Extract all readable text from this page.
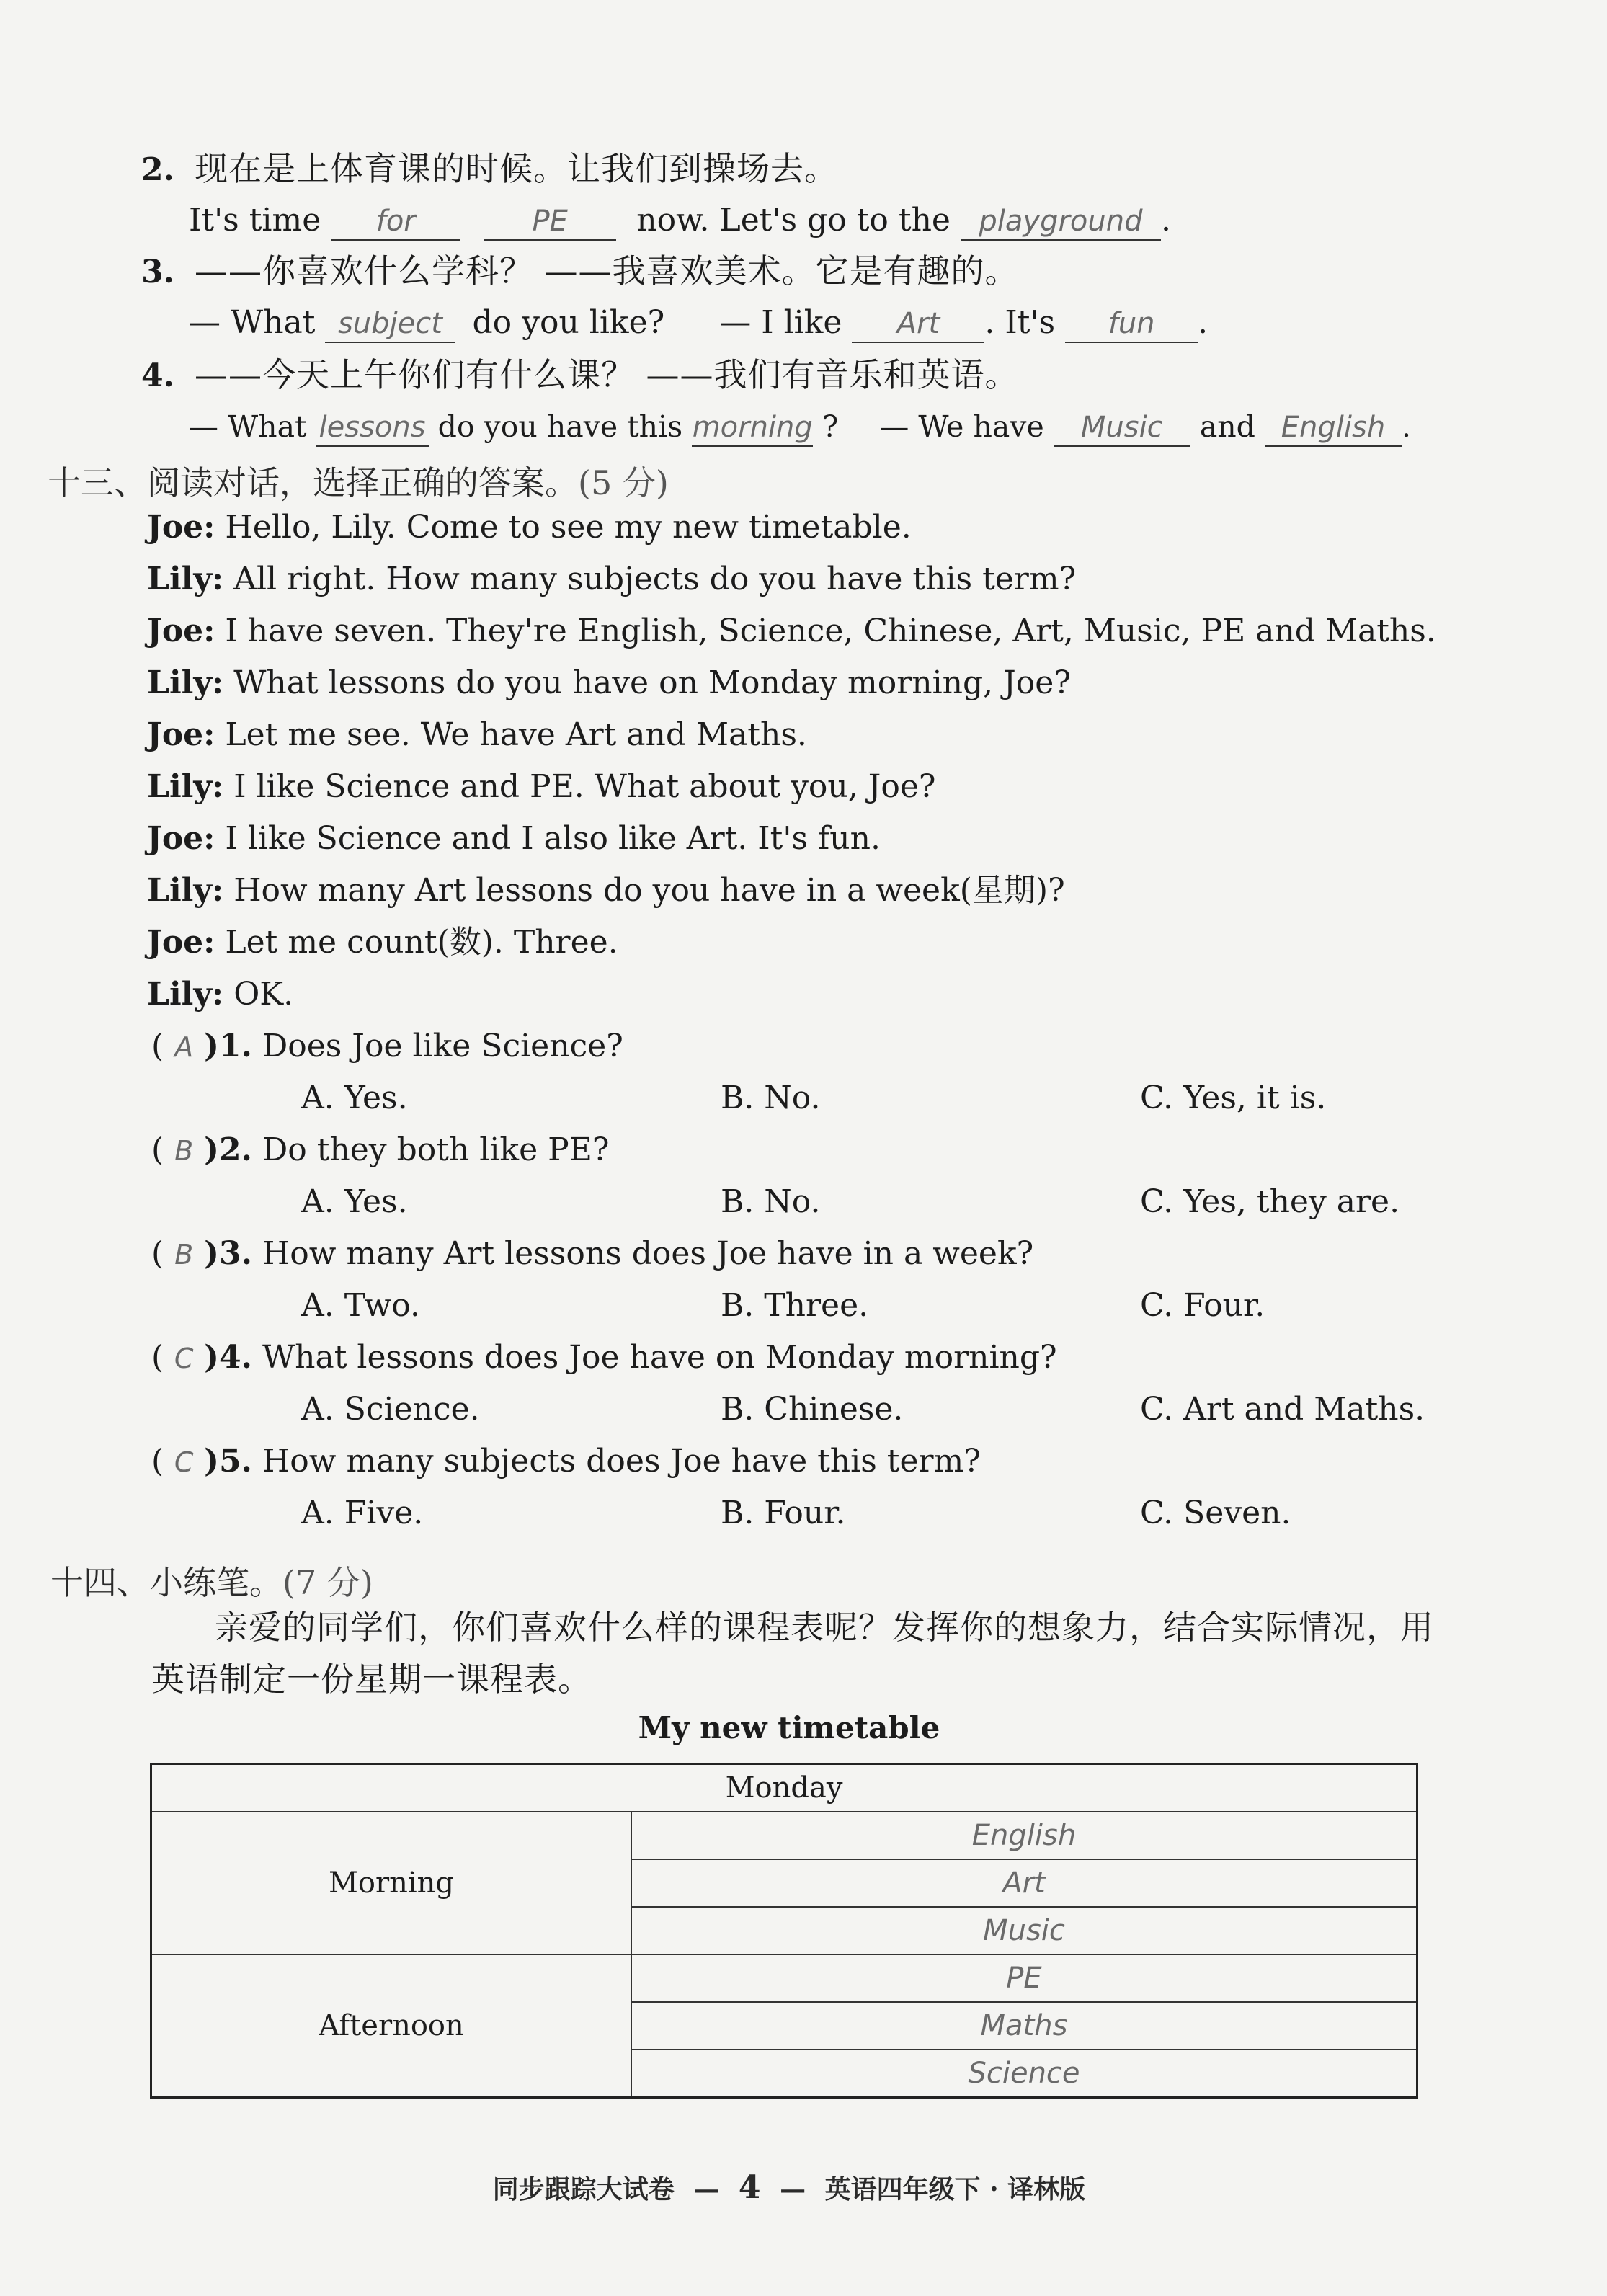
2. 现在是上体育课的时候。让我们到操场去。
It's time for	PE now. Let's go to the playground .
3. ——你喜欢什么学科？ ——我喜欢美术。它是有趣的。
— What subject do you like? — I like Art . It's fun .
4. ——今天上午你们有什么课？ ——我们有音乐和英语。
— What lessons do you have this morning ? — We have Music and English .
十三、阅读对话，选择正确的答案。(5 分)
Joe: Hello, Lily. Come to see my new timetable.
Lily: All right. How many subjects do you have this term?
Joe: I have seven. They're English, Science, Chinese, Art, Music, PE and Maths.
Lily: What lessons do you have on Monday morning, Joe?
Joe: Let me see. We have Art and Maths.
Lily: I like Science and PE. What about you, Joe?
Joe: I like Science and I also like Art. It's fun.
Lily: How many Art lessons do you have in a week(星期)?
Joe: Let me count(数). Three.
Lily: OK.
( A )1. Does Joe like Science?
A. Yes.	B. No.	C. Yes, it is.
( B )2. Do they both like PE?
A. Yes.	B. No.	C. Yes, they are.
( B )3. How many Art lessons does Joe have in a week?
A. Two.	B. Three.	C. Four.
( C )4. What lessons does Joe have on Monday morning?
A. Science.	B. Chinese.	C. Art and Maths.
( C )5. How many subjects does Joe have this term?
A. Five.	B. Four.	C. Seven.
十四、小练笔。(7 分)
亲爱的同学们，你们喜欢什么样的课程表呢？发挥你的想象力，结合实际情况，用
英语制定一份星期一课程表。
My new timetable
Monday	
Morning	English
	Art
	Music
Afternoon	PE
	Maths
	Science
同步跟踪大试卷 — 4 — 英语四年级下 · 译林版
